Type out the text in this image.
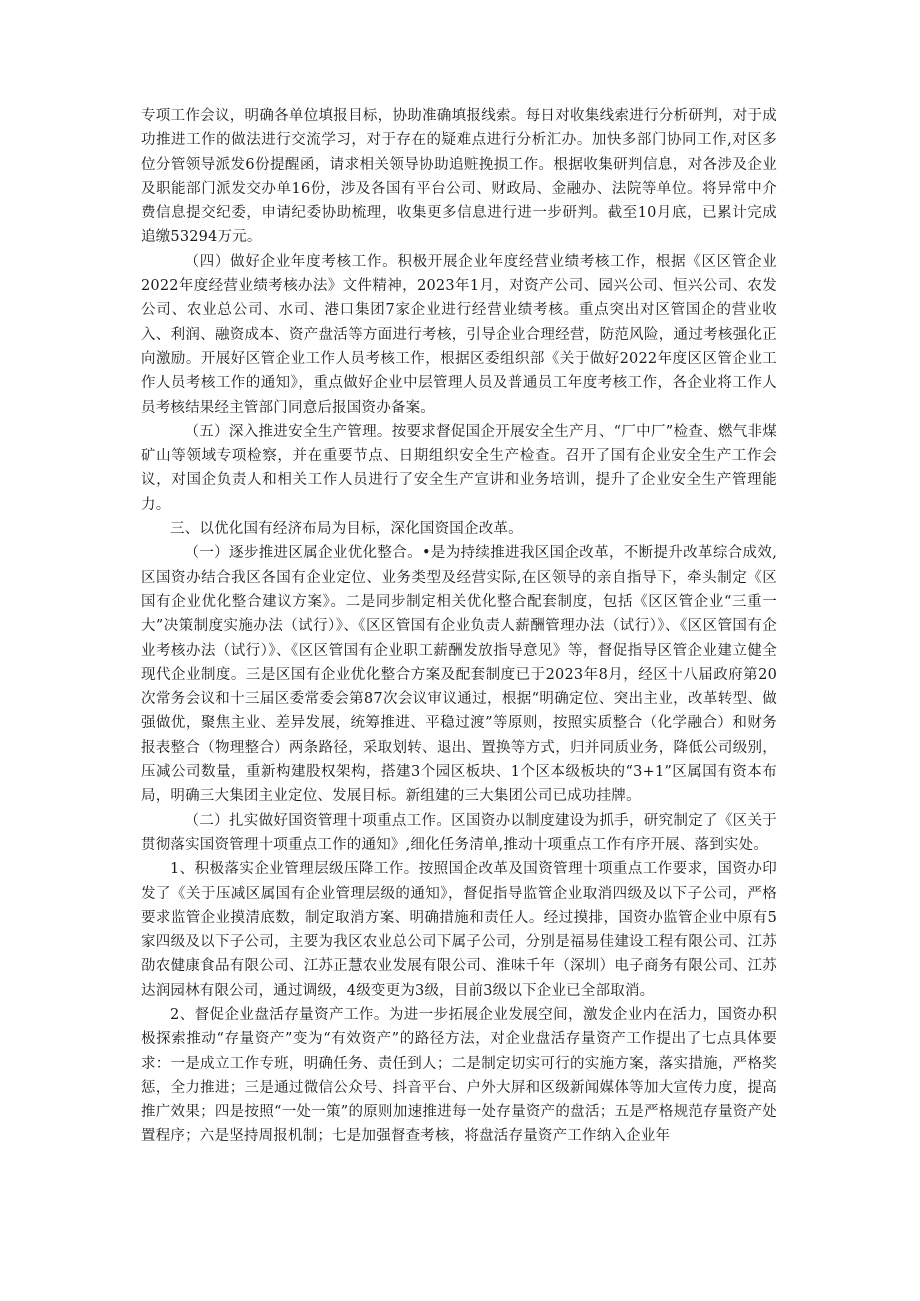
专项工作会议，明确各单位填报目标，协助准确填报线索。每日对收集线索进行分析研判，对于成功推进工作的做法进行交流学习，对于存在的疑难点进行分析汇办。加快多部门协同工作,对区多位分管领导派发6份提醒函，请求相关领导协助追赃挽损工作。根据收集研判信息，对各涉及企业及职能部门派发交办单16份，涉及各国有平台公司、财政局、金融办、法院等单位。将异常中介费信息提交纪委，申请纪委协助梳理，收集更多信息进行进一步研判。截至10月底，已累计完成追缴53294万元。

（四）做好企业年度考核工作。积极开展企业年度经营业绩考核工作，根据《区区管企业2022年度经营业绩考核办法》文件精神，2023年1月，对资产公司、园兴公司、恒兴公司、农发公司、农业总公司、水司、港口集团7家企业进行经营业绩考核。重点突出对区管国企的营业收入、利润、融资成本、资产盘活等方面进行考核，引导企业合理经营，防范风险，通过考核强化正向激励。开展好区管企业工作人员考核工作，根据区委组织部《关于做好2022年度区区管企业工作人员考核工作的通知》，重点做好企业中层管理人员及普通员工年度考核工作，各企业将工作人员考核结果经主管部门同意后报国资办备案。

（五）深入推进安全生产管理。按要求督促国企开展安全生产月、“厂中厂”检查、燃气非煤矿山等领域专项检察，并在重要节点、日期组织安全生产检查。召开了国有企业安全生产工作会议，对国企负责人和相关工作人员进行了安全生产宣讲和业务培训，提升了企业安全生产管理能力。

三、以优化国有经济布局为目标，深化国资国企改革。

（一）逐步推进区属企业优化整合。•是为持续推进我区国企改革，不断提升改革综合成效,区国资办结合我区各国有企业定位、业务类型及经营实际,在区领导的亲自指导下，牵头制定《区国有企业优化整合建议方案》。二是同步制定相关优化整合配套制度，包括《区区管企业“三重一大”决策制度实施办法（试行）》、《区区管国有企业负责人薪酬管理办法（试行）》、《区区管国有企业考核办法（试行）》、《区区管国有企业职工薪酬发放指导意见》等，督促指导区管企业建立健全现代企业制度。三是区国有企业优化整合方案及配套制度已于2023年8月，经区十八届政府第20次常务会议和十三届区委常委会第87次会议审议通过，根据“明确定位、突出主业，改革转型、做强做优，聚焦主业、差异发展，统筹推进、平稳过渡”等原则，按照实质整合（化学融合）和财务报表整合（物理整合）两条路径，采取划转、退出、置换等方式，归并同质业务，降低公司级别，压减公司数量，重新构建股权架构，搭建3个园区板块、1个区本级板块的“3+1”区属国有资本布局，明确三大集团主业定位、发展目标。新组建的三大集团公司已成功挂牌。

（二）扎实做好国资管理十项重点工作。区国资办以制度建设为抓手，研究制定了《区关于贯彻落实国资管理十项重点工作的通知》,细化任务清单,推动十项重点工作有序开展、落到实处。

1、积极落实企业管理层级压降工作。按照国企改革及国资管理十项重点工作要求，国资办印发了《关于压减区属国有企业管理层级的通知》，督促指导监管企业取消四级及以下子公司，严格要求监管企业摸清底数，制定取消方案、明确措施和责任人。经过摸排，国资办监管企业中原有5家四级及以下子公司，主要为我区农业总公司下属子公司，分别是福易佳建设工程有限公司、江苏劭农健康食品有限公司、江苏正慧农业发展有限公司、淮味千年（深圳）电子商务有限公司、江苏达润园林有限公司，通过调级，4级变更为3级，目前3级以下企业已全部取消。

2、督促企业盘活存量资产工作。为进一步拓展企业发展空间，激发企业内在活力，国资办积极探索推动“存量资产”变为“有效资产”的路径方法，对企业盘活存量资产工作提出了七点具体要求：一是成立工作专班，明确任务、责任到人；二是制定切实可行的实施方案，落实措施，严格奖惩，全力推进；三是通过微信公众号、抖音平台、户外大屏和区级新闻媒体等加大宣传力度，提高推广效果；四是按照“一处一策”的原则加速推进每一处存量资产的盘活；五是严格规范存量资产处置程序；六是坚持周报机制；七是加强督查考核，将盘活存量资产工作纳入企业年
